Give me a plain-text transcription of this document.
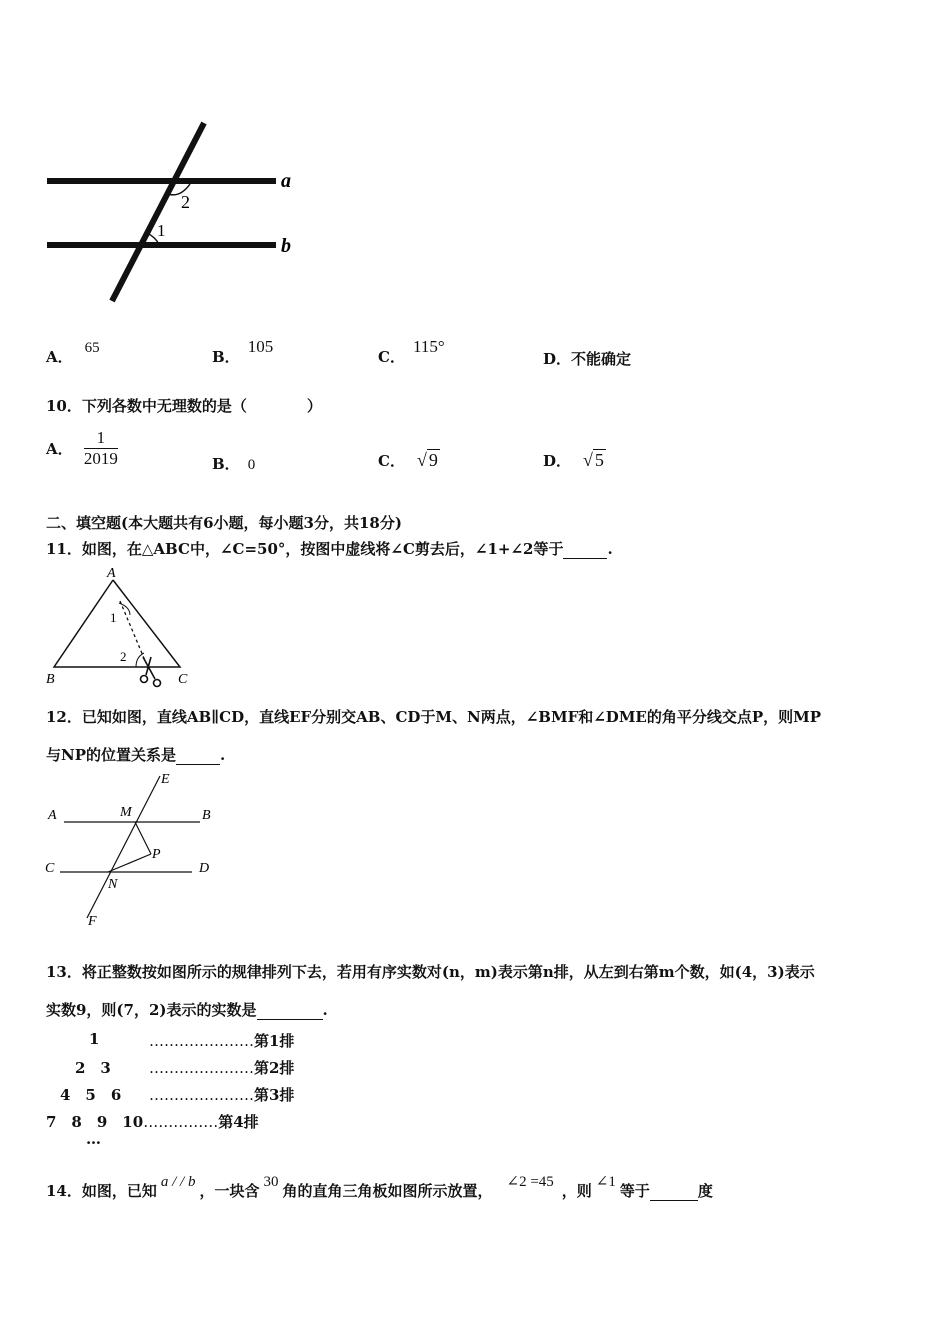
2
1
a
b
A． 65	B．105
C．115°
D．不能确定
10．下列各数中无理数的是（　　　　）
A． $\frac{1}{2019}$	B． 0	C． √ 9	D． √ 5
二、填空题(本大题共有6小题，每小题3分，共18分)
11．如图，在△ABC中，∠C=50°，按图中虚线将∠C剪去后，∠1+∠2等于	.
A
B	C
1
2
12．已知如图，直线AB∥CD，直线EF分别交AB、CD于M、N两点，∠BMF和∠DME的角平分线交点P，则MP
与NP的位置关系是	.
A	B
C	D
E
F
M
N
P
13．将正整数按如图所示的规律排列下去，若用有序实数对(n，m)表示第n排，从左到右第m个数，如(4，3)表示
实数9，则(7，2)表示的实数是	.
1	…………………第1排
2　3	…………………第2排
4　5　6 …………………第3排
7　8　9　10……………第4排
…
14．如图，已知 a / / b ，一块含 30 角的直角三角板如图所示放置， ∠2 =45 ，则 ∠1 等于	度
